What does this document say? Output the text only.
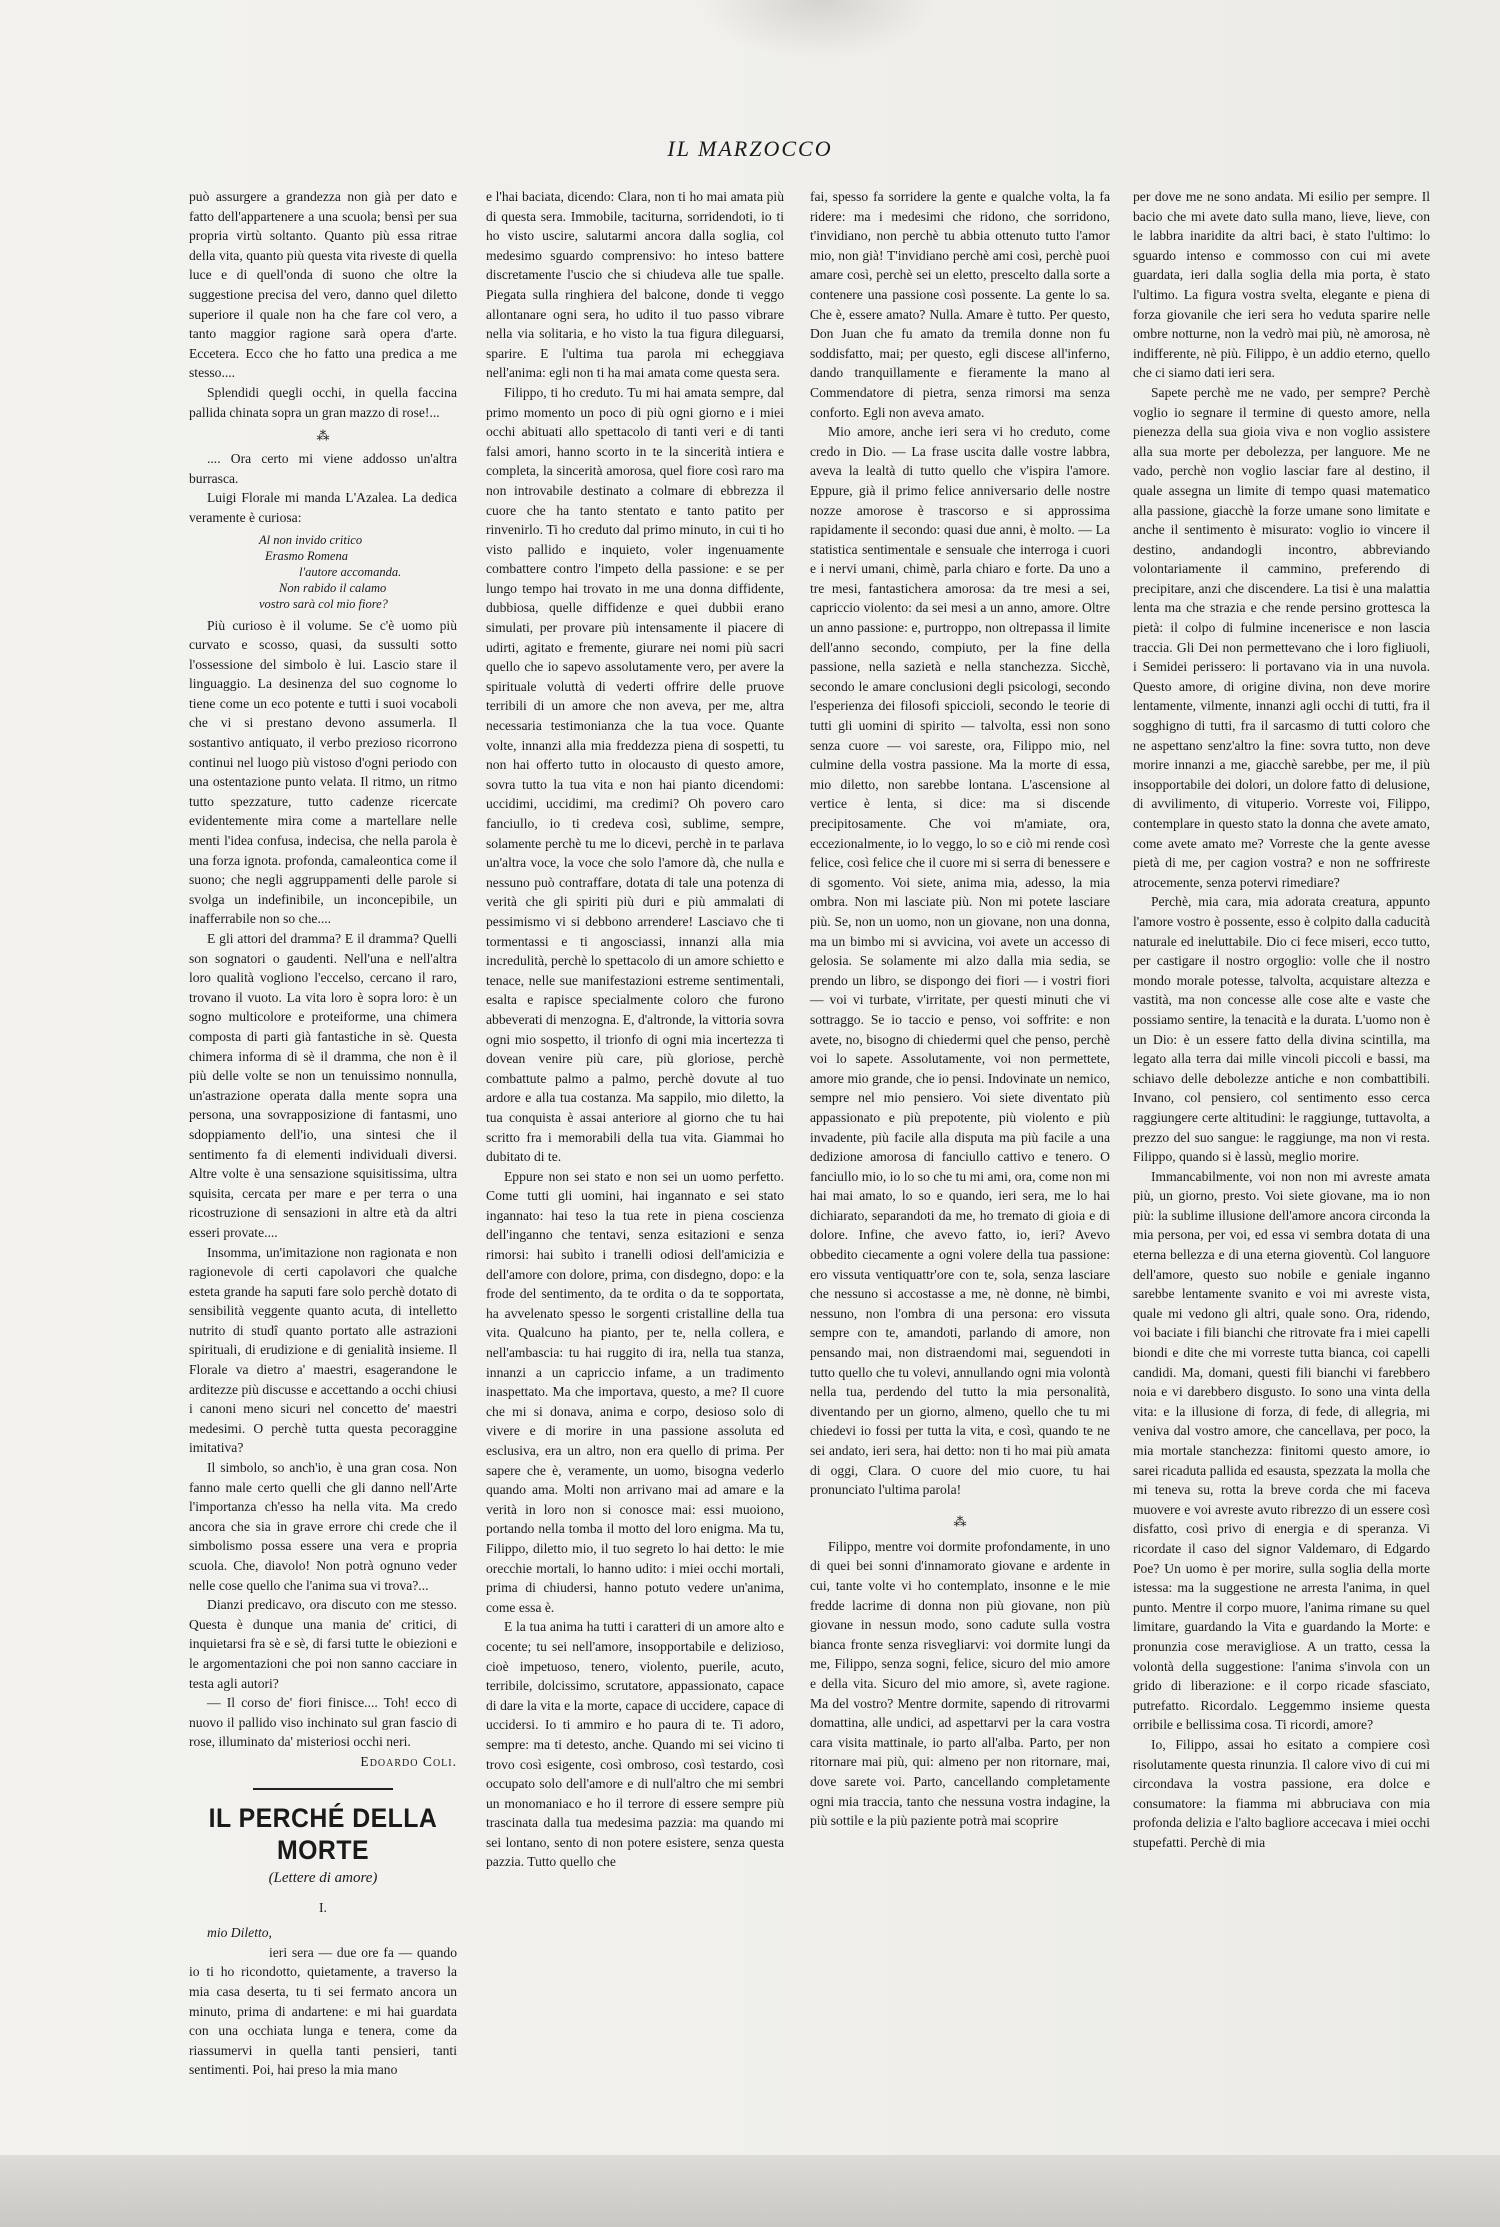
IL MARZOCCO

può assurgere a grandezza non già per dato e fatto dell'appartenere a una scuola; bensì per sua propria virtù soltanto. Quanto più essa ritrae della vita, quanto più questa vita riveste di quella luce e di quell'onda di suono che oltre la suggestione precisa del vero, danno quel diletto superiore il quale non ha che fare col vero, a tanto maggior ragione sarà opera d'arte. Eccetera. Ecco che ho fatto una predica a me stesso....

Splendidi quegli occhi, in quella faccina pallida chinata sopra un gran mazzo di rose!...

⁂

.... Ora certo mi viene addosso un'altra burrasca.

Luigi Florale mi manda L'Azalea. La dedica veramente è curiosa:

Al non invido critico
Erasmo Romena
l'autore accomanda.
Non rabido il calamo
vostro sarà col mio fiore?

Più curioso è il volume. Se c'è uomo più curvato e scosso, quasi, da sussulti sotto l'ossessione del simbolo è lui. Lascio stare il linguaggio. La desinenza del suo cognome lo tiene come un eco potente e tutti i suoi vocaboli che vi si prestano devono assumerla. Il sostantivo antiquato, il verbo prezioso ricorrono continui nel luogo più vistoso d'ogni periodo con una ostentazione punto velata. Il ritmo, un ritmo tutto spezzature, tutto cadenze ricercate evidentemente mira come a martellare nelle menti l'idea confusa, indecisa, che nella parola è una forza ignota. profonda, camaleontica come il suono; che negli aggruppamenti delle parole si svolga un indefinibile, un inconcepibile, un inafferrabile non so che....

E gli attori del dramma? E il dramma? Quelli son sognatori o gaudenti. Nell'una e nell'altra loro qualità vogliono l'eccelso, cercano il raro, trovano il vuoto. La vita loro è sopra loro: è un sogno multicolore e proteiforme, una chimera composta di parti già fantastiche in sè. Questa chimera informa di sè il dramma, che non è il più delle volte se non un tenuissimo nonnulla, un'astrazione operata dalla mente sopra una persona, una sovrapposizione di fantasmi, uno sdoppiamento dell'io, una sintesi che il sentimento fa di elementi individuali diversi. Altre volte è una sensazione squisitissima, ultra squisita, cercata per mare e per terra o una ricostruzione di sensazioni in altre età da altri esseri provate....

Insomma, un'imitazione non ragionata e non ragionevole di certi capolavori che qualche esteta grande ha saputi fare solo perchè dotato di sensibilità veggente quanto acuta, di intelletto nutrito di studî quanto portato alle astrazioni spirituali, di erudizione e di genialità insieme. Il Florale va dietro a' maestri, esagerandone le arditezze più discusse e accettando a occhi chiusi i canoni meno sicuri nel concetto de' maestri medesimi. O perchè tutta questa pecoraggine imitativa?

Il simbolo, so anch'io, è una gran cosa. Non fanno male certo quelli che gli danno nell'Arte l'importanza ch'esso ha nella vita. Ma credo ancora che sia in grave errore chi crede che il simbolismo possa essere una vera e propria scuola. Che, diavolo! Non potrà ognuno veder nelle cose quello che l'anima sua vi trova?...

Dianzi predicavo, ora discuto con me stesso. Questa è dunque una mania de' critici, di inquietarsi fra sè e sè, di farsi tutte le obiezioni e le argomentazioni che poi non sanno cacciare in testa agli autori?

— Il corso de' fiori finisce.... Toh! ecco di nuovo il pallido viso inchinato sul gran fascio di rose, illuminato da' misteriosi occhi neri.

Edoardo Coli.
IL PERCHÉ DELLA MORTE
(Lettere di amore)
I.

mio Diletto,

ieri sera — due ore fa — quando io ti ho ricondotto, quietamente, a traverso la mia casa deserta, tu ti sei fermato ancora un minuto, prima di andartene: e mi hai guardata con una occhiata lunga e tenera, come da riassumervi in quella tanti pensieri, tanti sentimenti. Poi, hai preso la mia mano

e l'hai baciata, dicendo: Clara, non ti ho mai amata più di questa sera. Immobile, taciturna, sorridendoti, io ti ho visto uscire, salutarmi ancora dalla soglia, col medesimo sguardo comprensivo: ho inteso battere discretamente l'uscio che si chiudeva alle tue spalle. Piegata sulla ringhiera del balcone, donde ti veggo allontanare ogni sera, ho udito il tuo passo vibrare nella via solitaria, e ho visto la tua figura dileguarsi, sparire. E l'ultima tua parola mi echeggiava nell'anima: egli non ti ha mai amata come questa sera.

Filippo, ti ho creduto. Tu mi hai amata sempre, dal primo momento un poco di più ogni giorno e i miei occhi abituati allo spettacolo di tanti veri e di tanti falsi amori, hanno scorto in te la sincerità intiera e completa, la sincerità amorosa, quel fiore così raro ma non introvabile destinato a colmare di ebbrezza il cuore che ha tanto stentato e tanto patito per rinvenirlo. Ti ho creduto dal primo minuto, in cui ti ho visto pallido e inquieto, voler ingenuamente combattere contro l'impeto della passione: e se per lungo tempo hai trovato in me una donna diffidente, dubbiosa, quelle diffidenze e quei dubbii erano simulati, per provare più intensamente il piacere di udirti, agitato e fremente, giurare nei nomi più sacri quello che io sapevo assolutamente vero, per avere la spirituale voluttà di vederti offrire delle pruove terribili di un amore che non aveva, per me, altra necessaria testimonianza che la tua voce. Quante volte, innanzi alla mia freddezza piena di sospetti, tu non hai offerto tutto in olocausto di questo amore, sovra tutto la tua vita e non hai pianto dicendomi: uccidimi, uccidimi, ma credimi? Oh povero caro fanciullo, io ti credeva così, sublime, sempre, solamente perchè tu me lo dicevi, perchè in te parlava un'altra voce, la voce che solo l'amore dà, che nulla e nessuno può contraffare, dotata di tale una potenza di verità che gli spiriti più duri e più ammalati di pessimismo vi si debbono arrendere! Lasciavo che ti tormentassi e ti angosciassi, innanzi alla mia incredulità, perchè lo spettacolo di un amore schietto e tenace, nelle sue manifestazioni estreme sentimentali, esalta e rapisce specialmente coloro che furono abbeverati di menzogna. E, d'altronde, la vittoria sovra ogni mio sospetto, il trionfo di ogni mia incertezza ti dovean venire più care, più gloriose, perchè combattute palmo a palmo, perchè dovute al tuo ardore e alla tua costanza. Ma sappilo, mio diletto, la tua conquista è assai anteriore al giorno che tu hai scritto fra i memorabili della tua vita. Giammai ho dubitato di te.

Eppure non sei stato e non sei un uomo perfetto. Come tutti gli uomini, hai ingannato e sei stato ingannato: hai teso la tua rete in piena coscienza dell'inganno che tentavi, senza esitazioni e senza rimorsi: hai subìto i tranelli odiosi dell'amicizia e dell'amore con dolore, prima, con disdegno, dopo: e la frode del sentimento, da te ordita o da te sopportata, ha avvelenato spesso le sorgenti cristalline della tua vita. Qualcuno ha pianto, per te, nella collera, e nell'ambascia: tu hai ruggito di ira, nella tua stanza, innanzi a un capriccio infame, a un tradimento inaspettato. Ma che importava, questo, a me? Il cuore che mi si donava, anima e corpo, desioso solo di vivere e di morire in una passione assoluta ed esclusiva, era un altro, non era quello di prima. Per sapere che è, veramente, un uomo, bisogna vederlo quando ama. Molti non arrivano mai ad amare e la verità in loro non si conosce mai: essi muoiono, portando nella tomba il motto del loro enigma. Ma tu, Filippo, diletto mio, il tuo segreto lo hai detto: le mie orecchie mortali, lo hanno udito: i miei occhi mortali, prima di chiudersi, hanno potuto vedere un'anima, come essa è.

E la tua anima ha tutti i caratteri di un amore alto e cocente; tu sei nell'amore, insopportabile e delizioso, cioè impetuoso, tenero, violento, puerile, acuto, terribile, dolcissimo, scrutatore, appassionato, capace di dare la vita e la morte, capace di uccidere, capace di uccidersi. Io ti ammiro e ho paura di te. Ti adoro, sempre: ma ti detesto, anche. Quando mi sei vicino ti trovo così esigente, così ombroso, così testardo, così occupato solo dell'amore e di null'altro che mi sembri un monomaniaco e ho il terrore di essere sempre più trascinata dalla tua medesima pazzia: ma quando mi sei lontano, sento di non potere esistere, senza questa pazzia. Tutto quello che

fai, spesso fa sorridere la gente e qualche volta, la fa ridere: ma i medesimi che ridono, che sorridono, t'invidiano, non perchè tu abbia ottenuto tutto l'amor mio, non già! T'invidiano perchè ami così, perchè puoi amare così, perchè sei un eletto, prescelto dalla sorte a contenere una passione così possente. La gente lo sa. Che è, essere amato? Nulla. Amare è tutto. Per questo, Don Juan che fu amato da tremila donne non fu soddisfatto, mai; per questo, egli discese all'inferno, dando tranquillamente e fieramente la mano al Commendatore di pietra, senza rimorsi ma senza conforto. Egli non aveva amato.

Mio amore, anche ieri sera vi ho creduto, come credo in Dio. — La frase uscita dalle vostre labbra, aveva la lealtà di tutto quello che v'ispira l'amore. Eppure, già il primo felice anniversario delle nostre nozze amorose è trascorso e si approssima rapidamente il secondo: quasi due anni, è molto. — La statistica sentimentale e sensuale che interroga i cuori e i nervi umani, chimè, parla chiaro e forte. Da uno a tre mesi, fantastichera amorosa: da tre mesi a sei, capriccio violento: da sei mesi a un anno, amore. Oltre un anno passione: e, purtroppo, non oltrepassa il limite dell'anno secondo, compiuto, per la fine della passione, nella sazietà e nella stanchezza. Sicchè, secondo le amare conclusioni degli psicologi, secondo l'esperienza dei filosofi spiccioli, secondo le teorie di tutti gli uomini di spirito — talvolta, essi non sono senza cuore — voi sareste, ora, Filippo mio, nel culmine della vostra passione. Ma la morte di essa, mio diletto, non sarebbe lontana. L'ascensione al vertice è lenta, si dice: ma si discende precipitosamente. Che voi m'amiate, ora, eccezionalmente, io lo veggo, lo so e ciò mi rende così felice, così felice che il cuore mi si serra di benessere e di sgomento. Voi siete, anima mia, adesso, la mia ombra. Non mi lasciate più. Non mi potete lasciare più. Se, non un uomo, non un giovane, non una donna, ma un bimbo mi si avvicina, voi avete un accesso di gelosia. Se solamente mi alzo dalla mia sedia, se prendo un libro, se dispongo dei fiori — i vostri fiori — voi vi turbate, v'irritate, per questi minuti che vi sottraggo. Se io taccio e penso, voi soffrite: e non avete, no, bisogno di chiedermi quel che penso, perchè voi lo sapete. Assolutamente, voi non permettete, amore mio grande, che io pensi. Indovinate un nemico, sempre nel mio pensiero. Voi siete diventato più appassionato e più prepotente, più violento e più invadente, più facile alla disputa ma più facile a una dedizione amorosa di fanciullo cattivo e tenero. O fanciullo mio, io lo so che tu mi ami, ora, come non mi hai mai amato, lo so e quando, ieri sera, me lo hai dichiarato, separandoti da me, ho tremato di gioia e di dolore. Infine, che avevo fatto, io, ieri? Avevo obbedito ciecamente a ogni volere della tua passione: ero vissuta ventiquattr'ore con te, sola, senza lasciare che nessuno si accostasse a me, nè donne, nè bimbi, nessuno, non l'ombra di una persona: ero vissuta sempre con te, amandoti, parlando di amore, non pensando mai, non distraendomi mai, seguendoti in tutto quello che tu volevi, annullando ogni mia volontà nella tua, perdendo del tutto la mia personalità, diventando per un giorno, almeno, quello che tu mi chiedevi io fossi per tutta la vita, e così, quando te ne sei andato, ieri sera, hai detto: non ti ho mai più amata di oggi, Clara. O cuore del mio cuore, tu hai pronunciato l'ultima parola!

⁂

Filippo, mentre voi dormite profondamente, in uno di quei bei sonni d'innamorato giovane e ardente in cui, tante volte vi ho contemplato, insonne e le mie fredde lacrime di donna non più giovane, non più giovane in nessun modo, sono cadute sulla vostra bianca fronte senza risvegliarvi: voi dormite lungi da me, Filippo, senza sogni, felice, sicuro del mio amore e della vita. Sicuro del mio amore, sì, avete ragione. Ma del vostro? Mentre dormite, sapendo di ritrovarmi domattina, alle undici, ad aspettarvi per la cara vostra cara visita mattinale, io parto all'alba. Parto, per non ritornare mai più, qui: almeno per non ritornare, mai, dove sarete voi. Parto, cancellando completamente ogni mia traccia, tanto che nessuna vostra indagine, la più sottile e la più paziente potrà mai scoprire

per dove me ne sono andata. Mi esilio per sempre. Il bacio che mi avete dato sulla mano, lieve, lieve, con le labbra inaridite da altri baci, è stato l'ultimo: lo sguardo intenso e commosso con cui mi avete guardata, ieri dalla soglia della mia porta, è stato l'ultimo. La figura vostra svelta, elegante e piena di forza giovanile che ieri sera ho veduta sparire nelle ombre notturne, non la vedrò mai più, nè amorosa, nè indifferente, nè più. Filippo, è un addio eterno, quello che ci siamo dati ieri sera.

Sapete perchè me ne vado, per sempre? Perchè voglio io segnare il termine di questo amore, nella pienezza della sua gioia viva e non voglio assistere alla sua morte per debolezza, per languore. Me ne vado, perchè non voglio lasciar fare al destino, il quale assegna un limite di tempo quasi matematico alla passione, giacchè la forze umane sono limitate e anche il sentimento è misurato: voglio io vincere il destino, andandogli incontro, abbreviando volontariamente il cammino, preferendo di precipitare, anzi che discendere. La tisi è una malattia lenta ma che strazia e che rende persino grottesca la pietà: il colpo di fulmine incenerisce e non lascia traccia. Gli Dei non permettevano che i loro figliuoli, i Semidei perissero: li portavano via in una nuvola. Questo amore, di origine divina, non deve morire lentamente, vilmente, innanzi agli occhi di tutti, fra il sogghigno di tutti, fra il sarcasmo di tutti coloro che ne aspettano senz'altro la fine: sovra tutto, non deve morire innanzi a me, giacchè sarebbe, per me, il più insopportabile dei dolori, un dolore fatto di delusione, di avvilimento, di vituperio. Vorreste voi, Filippo, contemplare in questo stato la donna che avete amato, come avete amato me? Vorreste che la gente avesse pietà di me, per cagion vostra? e non ne soffrireste atrocemente, senza potervi rimediare?

Perchè, mia cara, mia adorata creatura, appunto l'amore vostro è possente, esso è colpito dalla caducità naturale ed ineluttabile. Dio ci fece miseri, ecco tutto, per castigare il nostro orgoglio: volle che il nostro mondo morale potesse, talvolta, acquistare altezza e vastità, ma non concesse alle cose alte e vaste che possiamo sentire, la tenacità e la durata. L'uomo non è un Dio: è un essere fatto della divina scintilla, ma legato alla terra dai mille vincoli piccoli e bassi, ma schiavo delle debolezze antiche e non combattibili. Invano, col pensiero, col sentimento esso cerca raggiungere certe altitudini: le raggiunge, tuttavolta, a prezzo del suo sangue: le raggiunge, ma non vi resta. Filippo, quando si è lassù, meglio morire.

Immancabilmente, voi non non mi avreste amata più, un giorno, presto. Voi siete giovane, ma io non più: la sublime illusione dell'amore ancora circonda la mia persona, per voi, ed essa vi sembra dotata di una eterna bellezza e di una eterna gioventù. Col languore dell'amore, questo suo nobile e geniale inganno sarebbe lentamente svanito e voi mi avreste vista, quale mi vedono gli altri, quale sono. Ora, ridendo, voi baciate i fili bianchi che ritrovate fra i miei capelli biondi e dite che mi vorreste tutta bianca, coi capelli candidi. Ma, domani, questi fili bianchi vi farebbero noia e vi darebbero disgusto. Io sono una vinta della vita: e la illusione di forza, di fede, di allegria, mi veniva dal vostro amore, che cancellava, per poco, la mia mortale stanchezza: finitomi questo amore, io sarei ricaduta pallida ed esausta, spezzata la molla che mi teneva su, rotta la breve corda che mi faceva muovere e voi avreste avuto ribrezzo di un essere così disfatto, così privo di energia e di speranza. Vi ricordate il caso del signor Valdemaro, di Edgardo Poe? Un uomo è per morire, sulla soglia della morte istessa: ma la suggestione ne arresta l'anima, in quel punto. Mentre il corpo muore, l'anima rimane su quel limitare, guardando la Vita e guardando la Morte: e pronunzia cose meravigliose. A un tratto, cessa la volontà della suggestione: l'anima s'invola con un grido di liberazione: e il corpo ricade sfasciato, putrefatto. Ricordalo. Leggemmo insieme questa orribile e bellissima cosa. Ti ricordi, amore?

Io, Filippo, assai ho esitato a compiere così risolutamente questa rinunzia. Il calore vivo di cui mi circondava la vostra passione, era dolce e consumatore: la fiamma mi abbruciava con mia profonda delizia e l'alto bagliore accecava i miei occhi stupefatti. Perchè di mia
